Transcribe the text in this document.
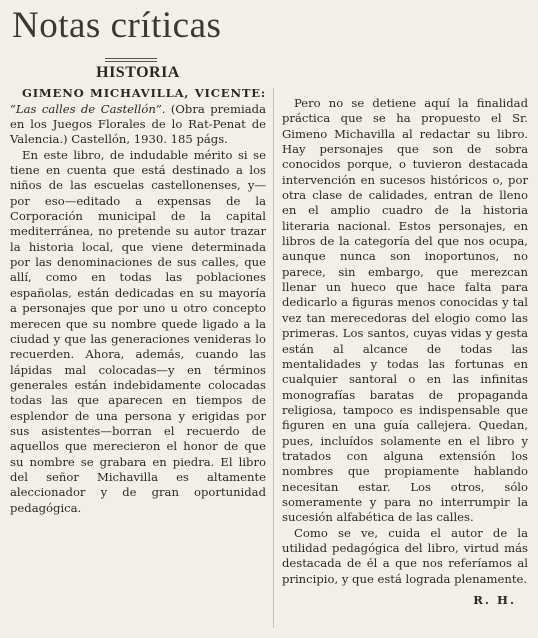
Notas críticas
HISTORIA

GIMENO MICHAVILLA, VICENTE: “Las calles de Castellón”. (Obra premiada en los Juegos Florales de lo Rat-Penat de Valencia.) Castellón, 1930. 185 págs.

En este libro, de indudable mérito si se tiene en cuenta que está destinado a los niños de las escuelas castellonenses, y—por eso—editado a expensas de la Corporación municipal de la capital mediterránea, no pretende su autor trazar la historia local, que viene determinada por las denominaciones de sus calles, que allí, como en todas las poblaciones españolas, están dedicadas en su mayoría a personajes que por uno u otro concepto merecen que su nombre quede ligado a la ciudad y que las generaciones venideras lo recuerden. Ahora, además, cuando las lápidas mal colocadas—y en términos generales están indebidamente colocadas todas las que aparecen en tiempos de esplendor de una persona y erigidas por sus asistentes—borran el recuerdo de aquellos que merecieron el honor de que su nombre se grabara en piedra. El libro del señor Michavilla es altamente aleccionador y de gran oportunidad pedagógica.

Pero no se detiene aquí la finalidad práctica que se ha propuesto el Sr. Gimeno Michavilla al redactar su libro. Hay personajes que son de sobra conocidos porque, o tuvieron destacada intervención en sucesos históricos o, por otra clase de calidades, entran de lleno en el amplio cuadro de la historia literaria nacional. Estos personajes, en libros de la categoría del que nos ocupa, aunque nunca son inoportunos, no parece, sin embargo, que merezcan llenar un hueco que hace falta para dedicarlo a figuras menos conocidas y tal vez tan merecedoras del elogio como las primeras. Los santos, cuyas vidas y gesta están al alcance de todas las mentalidades y todas las fortunas en cualquier santoral o en las infinitas monografías baratas de propaganda religiosa, tampoco es indispensable que figuren en una guía callejera. Quedan, pues, incluídos solamente en el libro y tratados con alguna extensión los nombres que propiamente hablando necesitan estar. Los otros, sólo someramente y para no interrumpir la sucesión alfabética de las calles.

Como se ve, cuida el autor de la utilidad pedagógica del libro, virtud más destacada de él a que nos referíamos al principio, y que está lograda plenamente.

R. H.
